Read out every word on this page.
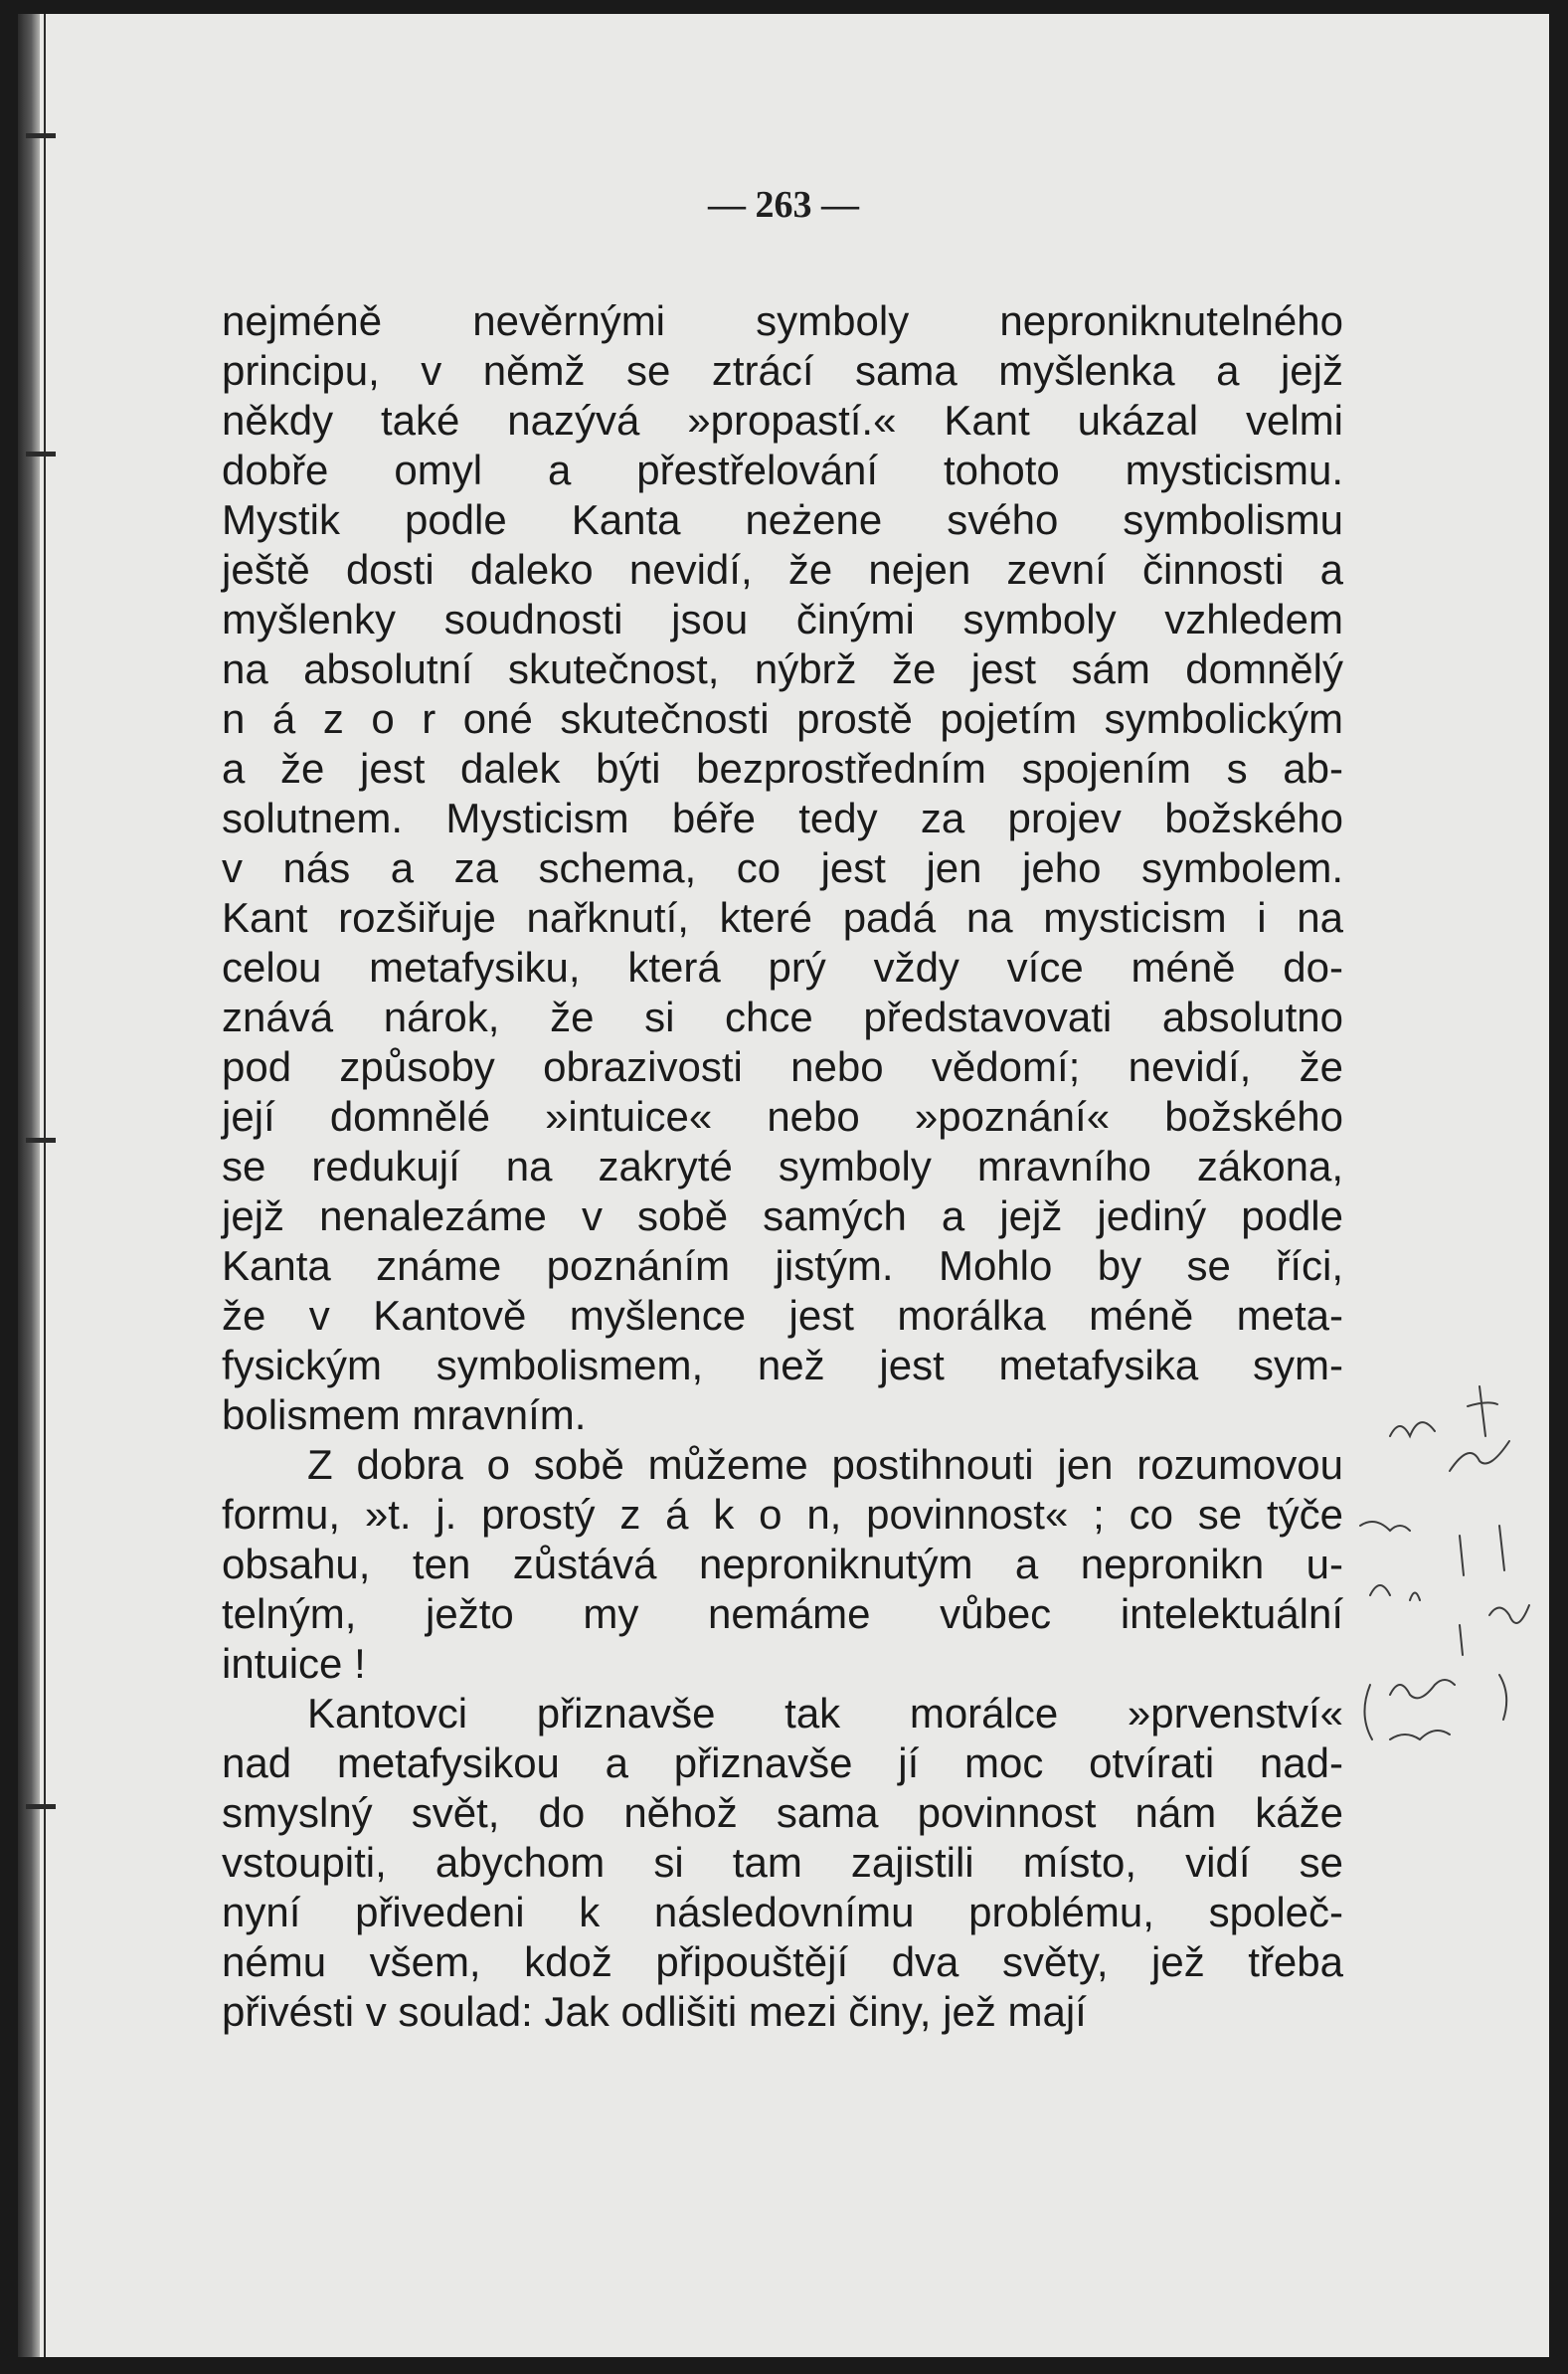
— 263 —
nejméně nevěrnými symboly neproniknutelného
principu, v němž se ztrácí sama myšlenka a jejž
někdy také nazývá »propastí.« Kant ukázal velmi
dobře omyl a přestřelování tohoto mysticismu.
Mystik podle Kanta neżene svého symbolismu
ještě dosti daleko nevidí, že nejen zevní činnosti a
myšlenky soudnosti jsou činými symboly vzhledem
na absolutní skutečnost, nýbrž že jest sám domnělý
n á z o r oné skutečnosti prostě pojetím symbolickým
a že jest dalek býti bezprostředním spojením s ab-
solutnem. Mysticism béře tedy za projev božského
v nás a za schema, co jest jen jeho symbolem.
Kant rozšiřuje nařknutí, které padá na mysticism i na
celou metafysiku, která prý vždy více méně do-
znává nárok, že si chce představovati absolutno
pod způsoby obrazivosti nebo vědomí; nevidí, že
její domnělé »intuice« nebo »poznání« božského
se redukují na zakryté symboly mravního zákona,
jejž nenalezáme v sobě samých a jejž jediný podle
Kanta známe poznáním jistým. Mohlo by se říci,
že v Kantově myšlence jest morálka méně meta-
fysickým symbolismem, než jest metafysika sym-
bolismem mravním.
Z dobra o sobě můžeme postihnouti jen rozumovou
formu, »t. j. prostý z á k o n, povinnost« ; co se týče
obsahu, ten zůstává neproniknutým a nepronikn u-
telným, ježto my nemáme vůbec intelektuální
intuice !
Kantovci přiznavše tak morálce »prvenství«
nad metafysikou a přiznavše jí moc otvírati nad-
smyslný svět, do něhož sama povinnost nám káže
vstoupiti, abychom si tam zajistili místo, vidí se
nyní přivedeni k následovnímu problému, společ-
nému všem, kdož připouštějí dva světy, jež třeba
přivésti v soulad: Jak odlišiti mezi činy, jež mají
